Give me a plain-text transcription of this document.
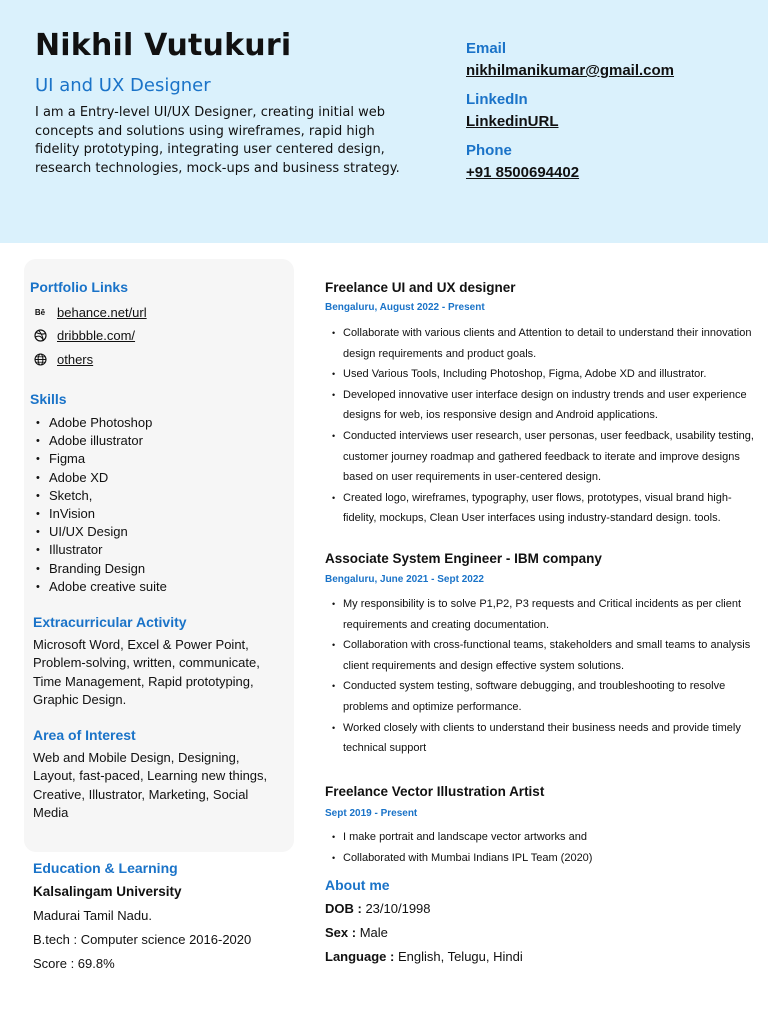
Nikhil Vutukuri
UI and UX Designer
I am a Entry-level UI/UX Designer, creating initial web concepts and solutions using wireframes, rapid high fidelity prototyping, integrating user centered design, research technologies, mock-ups and business strategy.
Email
nikhilmanikumar@gmail.com
LinkedIn
LinkedinURL
Phone
+91 8500694402
Portfolio Links
Bē behance.net/url
dribbble.com/
others
Skills
• Adobe Photoshop
• Adobe illustrator
• Figma
• Adobe XD
• Sketch,
• InVision
• UI/UX Design
• Illustrator
• Branding Design
• Adobe creative suite
Extracurricular Activity
Microsoft Word, Excel & Power Point, Problem-solving, written, communicate, Time Management, Rapid prototyping, Graphic Design.
Area of Interest
Web and Mobile Design, Designing, Layout, fast-paced, Learning new things, Creative, Illustrator, Marketing, Social Media
Education & Learning
Kalsalingam University
Madurai Tamil Nadu.
B.tech : Computer science 2016-2020
Score : 69.8%
Freelance UI and UX designer
Bengaluru, August 2022 - Present
• Collaborate with various clients and Attention to detail to understand their innovation design requirements and product goals.
• Used Various Tools, Including Photoshop, Figma, Adobe XD and illustrator.
• Developed innovative user interface design on industry trends and user experience designs for web, ios responsive design and Android applications.
• Conducted interviews user research, user personas, user feedback, usability testing, customer journey roadmap and gathered feedback to iterate and improve designs based on user requirements in user-centered design.
• Created logo, wireframes, typography, user flows, prototypes, visual brand high-fidelity, mockups, Clean User interfaces using industry-standard design. tools.
Associate System Engineer - IBM company
Bengaluru, June 2021 - Sept 2022
• My responsibility is to solve P1,P2, P3 requests and Critical incidents as per client requirements and creating documentation.
• Collaboration with cross-functional teams, stakeholders and small teams to analysis client requirements and design effective system solutions.
• Conducted system testing, software debugging, and troubleshooting to resolve problems and optimize performance.
• Worked closely with clients to understand their business needs and provide timely technical support
Freelance Vector Illustration Artist
Sept 2019 - Present
• I make portrait and landscape vector artworks and
• Collaborated with Mumbai Indians IPL Team (2020)
About me
DOB : 23/10/1998
Sex : Male
Language : English, Telugu, Hindi
